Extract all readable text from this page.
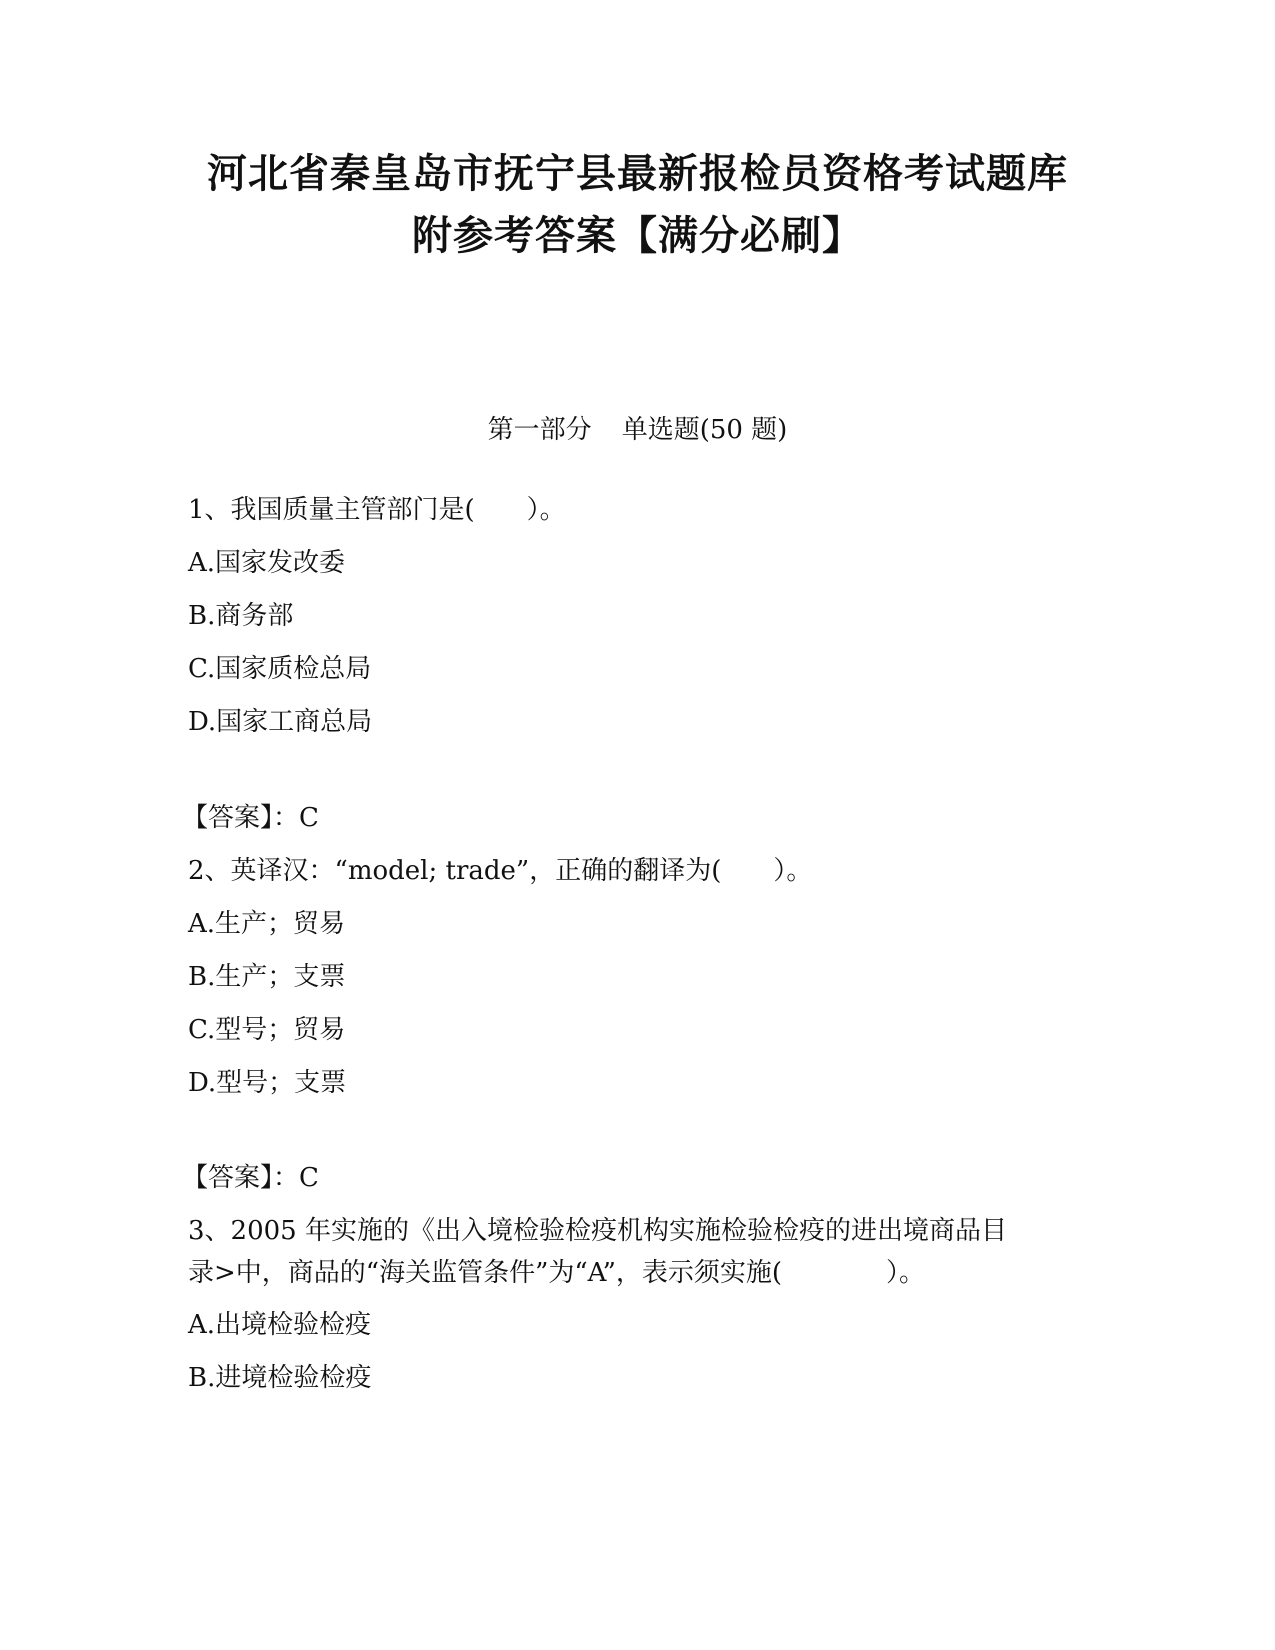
河北省秦皇岛市抚宁县最新报检员资格考试题库
附参考答案【满分必刷】
第一部分 单选题(50 题)
1、我国质量主管部门是(　　）。
A.国家发改委
B.商务部
C.国家质检总局
D.国家工商总局
【答案】：C
2、英译汉：“model; trade”，正确的翻译为(　　）。
A.生产；贸易
B.生产；支票
C.型号；贸易
D.型号；支票
【答案】：C
3、2005 年实施的《出入境检验检疫机构实施检验检疫的进出境商品目
录>中，商品的“海关监管条件”为“A”，表示须实施(　　　　）。
A.出境检验检疫
B.进境检验检疫
